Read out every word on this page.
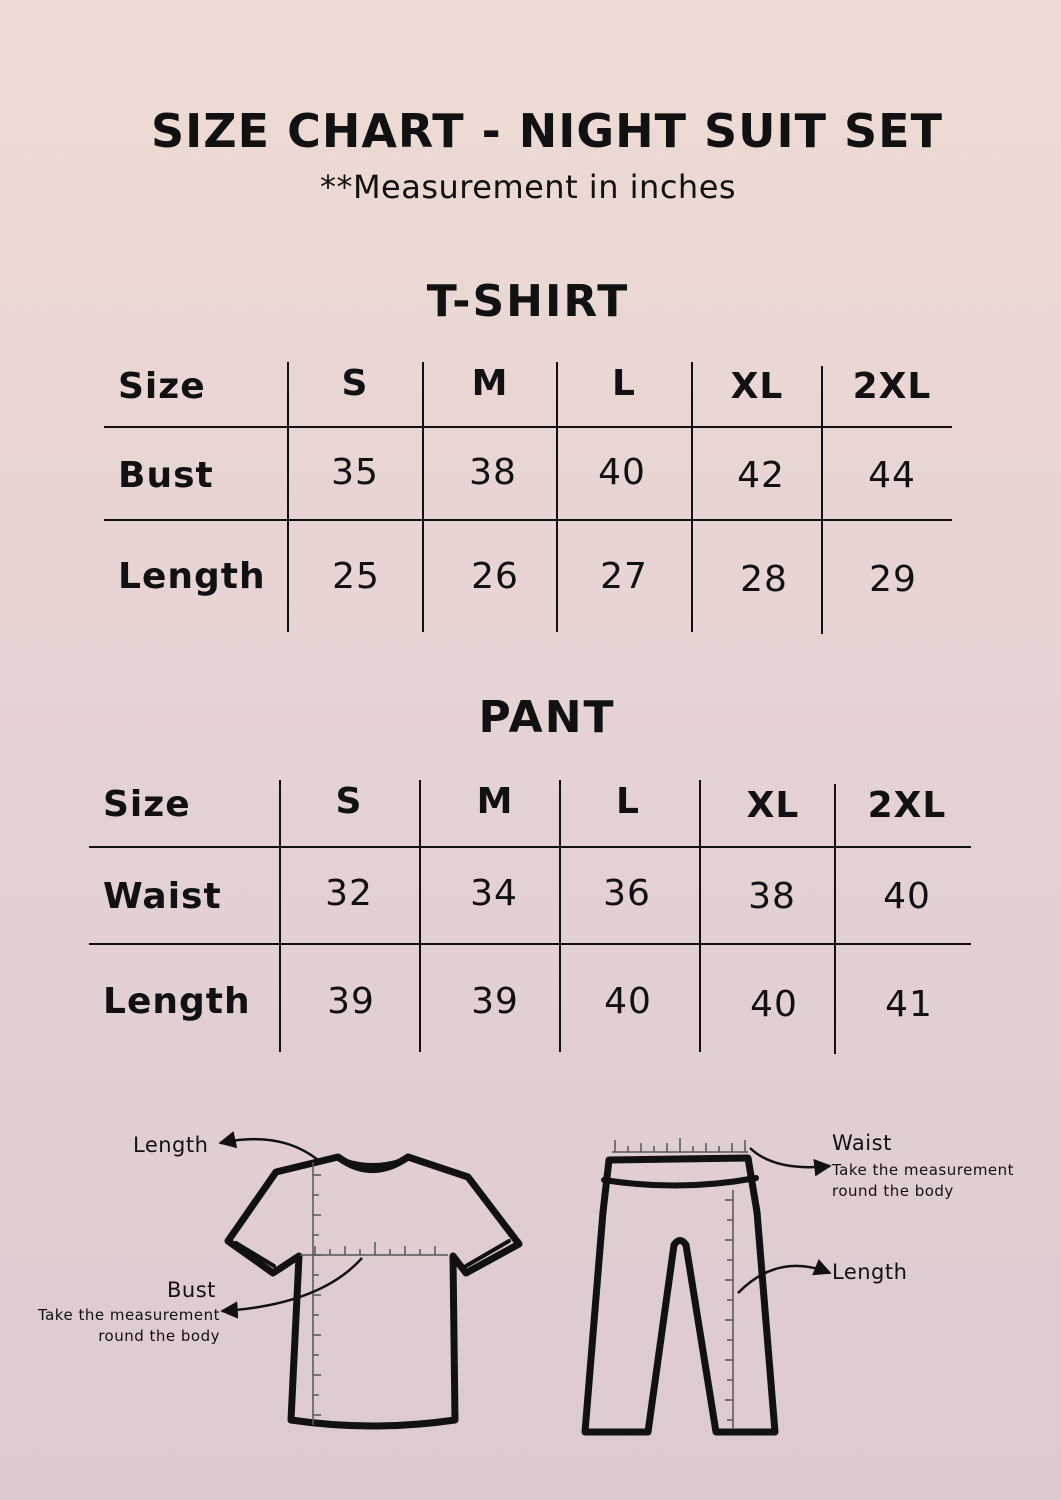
SIZE CHART - NIGHT SUIT SET
**Measurement in inches
T-SHIRT
Size	S	M	L	XL	2XL
Bust	35	38	40	42	44
Length	25	26	27	28	29
PANT
Size	S	M	L	XL	2XL
Waist	32	34	36	38	40
Length	39	39	40	40	41
Length
Bust
Take the measurement
round the body
Waist
Take the measurement
round the body
Length
